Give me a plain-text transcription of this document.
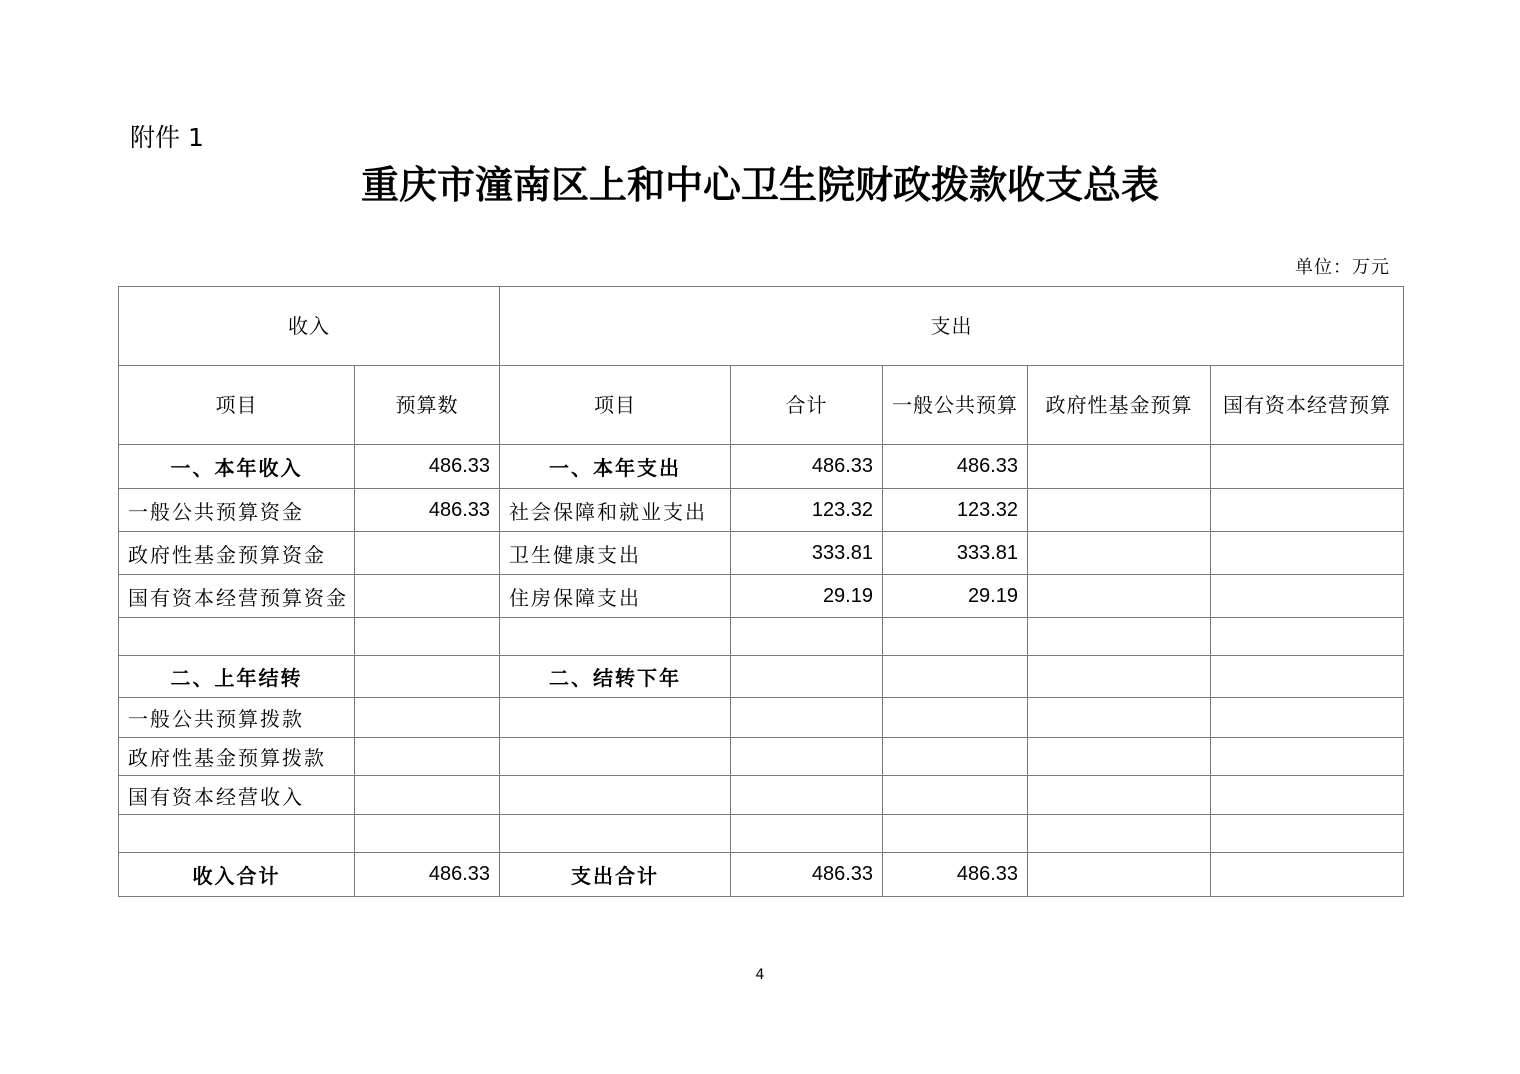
附件 1
重庆市潼南区上和中心卫生院财政拨款收支总表
单位：万元
收入		支出				
项目	预算数	项目	合计	一般公共预算	政府性基金预算	国有资本经营预算
一、本年收入	486.33	一、本年支出	486.33	486.33		
一般公共预算资金	486.33	社会保障和就业支出	123.32	123.32		
政府性基金预算资金		卫生健康支出	333.81	333.81		
国有资本经营预算资金		住房保障支出	29.19	29.19		

二、上年结转		二、结转下年				
一般公共预算拨款						
政府性基金预算拨款						
国有资本经营收入						

收入合计	486.33	支出合计	486.33	486.33		
4
